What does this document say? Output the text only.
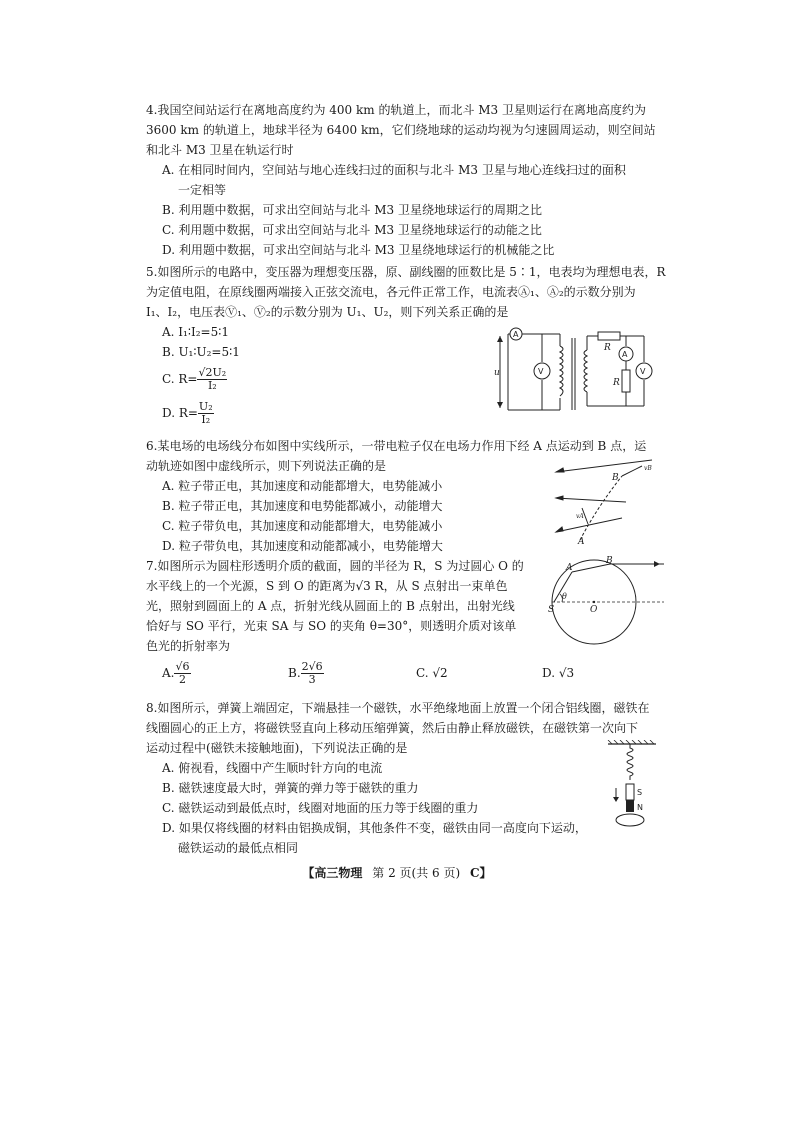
4.我国空间站运行在离地高度约为 400 km 的轨道上，而北斗 M3 卫星则运行在离地高度约为
3600 km 的轨道上，地球半径为 6400 km，它们绕地球的运动均视为匀速圆周运动，则空间站
和北斗 M3 卫星在轨运行时
A. 在相同时间内，空间站与地心连线扫过的面积与北斗 M3 卫星与地心连线扫过的面积
一定相等
B. 利用题中数据，可求出空间站与北斗 M3 卫星绕地球运行的周期之比
C. 利用题中数据，可求出空间站与北斗 M3 卫星绕地球运行的动能之比
D. 利用题中数据，可求出空间站与北斗 M3 卫星绕地球运行的机械能之比
5.如图所示的电路中，变压器为理想变压器，原、副线圈的匝数比是 5∶1，电表均为理想电表，R
为定值电阻，在原线圈两端接入正弦交流电，各元件正常工作，电流表Ⓐ₁、Ⓐ₂的示数分别为
I₁、I₂，电压表Ⓥ₁、Ⓥ₂的示数分别为 U₁、U₂，则下列关系正确的是
A. I₁∶I₂=5∶1
B. U₁∶U₂=5∶1
C. $R= \frac{\text{√2U₂}}{\text{I₂}}$
D. $R= \frac{\text{U₂}}{\text{I₂}}$
u	V	V
A
A
R
R
6.某电场的电场线分布如图中实线所示，一带电粒子仅在电场力作用下经 A 点运动到 B 点，运
动轨迹如图中虚线所示，则下列说法正确的是
A. 粒子带正电，其加速度和动能都增大，电势能减小
B. 粒子带正电，其加速度和电势能都减小，动能增大
C. 粒子带负电，其加速度和动能都增大，电势能减小
D. 粒子带负电，其加速度和动能都减小，电势能增大
B
vB
vA
A
7.如图所示为圆柱形透明介质的截面，圆的半径为 R，S 为过圆心 O 的
水平线上的一个光源，S 到 O 的距离为√3 R，从 S 点射出一束单色
光，照射到圆面上的 A 点，折射光线从圆面上的 B 点射出，出射光线
恰好与 SO 平行，光束 SA 与 SO 的夹角 θ=30°，则透明介质对该单
色光的折射率为
A. $\frac{√6}{2}$	B. $\frac{2√6}{3}$	C. √2	D. √3
A
B
S	O
θ
8.如图所示，弹簧上端固定，下端悬挂一个磁铁，水平绝缘地面上放置一个闭合铝线圈，磁铁在
线圈圆心的正上方，将磁铁竖直向上移动压缩弹簧，然后由静止释放磁铁，在磁铁第一次向下
运动过程中(磁铁未接触地面)，下列说法正确的是
A. 俯视看，线圈中产生顺时针方向的电流
B. 磁铁速度最大时，弹簧的弹力等于磁铁的重力
C. 磁铁运动到最低点时，线圈对地面的压力等于线圈的重力
D. 如果仅将线圈的材料由铝换成铜，其他条件不变，磁铁由同一高度向下运动，
磁铁运动的最低点相同
S
N
【高三物理 第 2 页(共 6 页) C】
